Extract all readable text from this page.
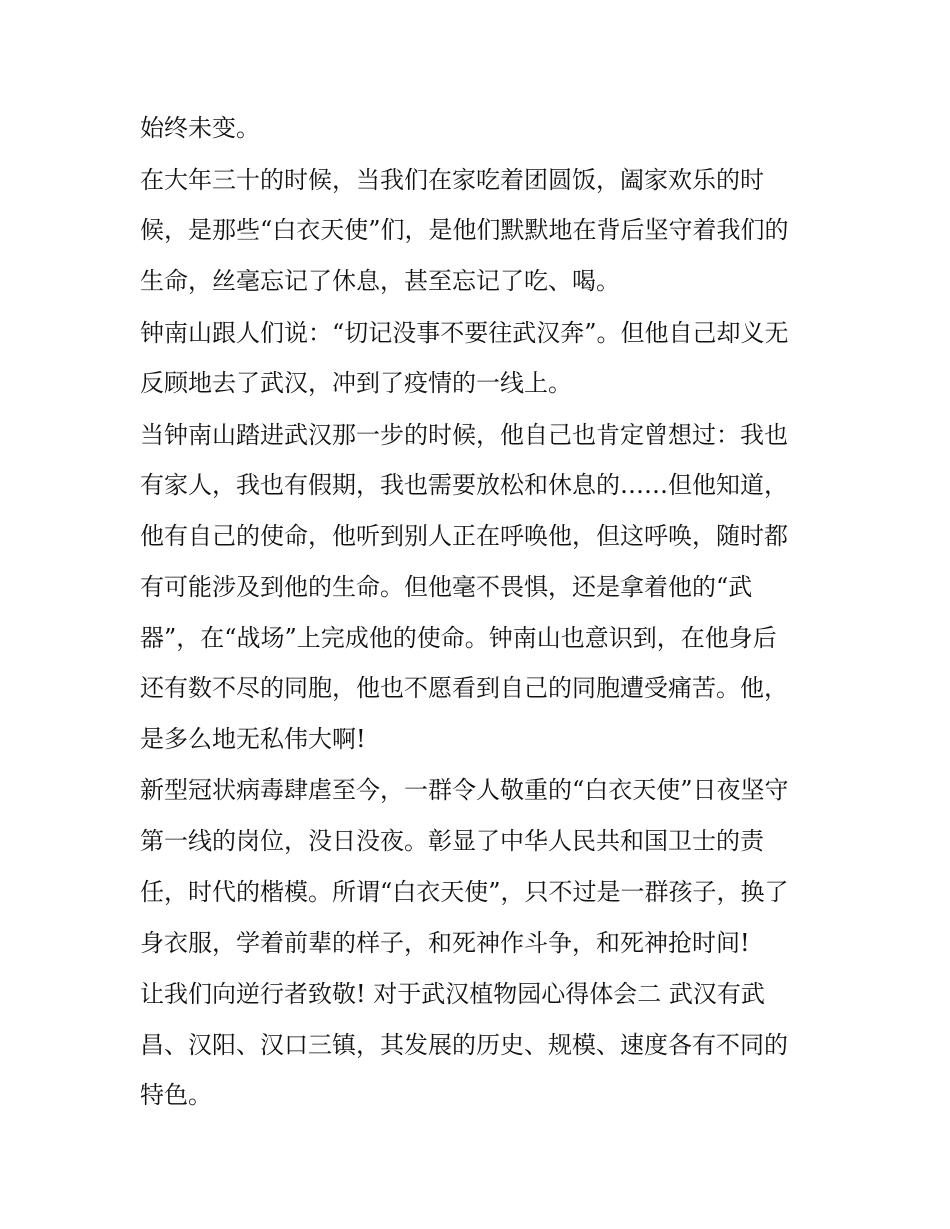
始终未变。
在大年三十的时候，当我们在家吃着团圆饭，阖家欢乐的时
候，是那些“白衣天使”们，是他们默默地在背后坚守着我们的
生命，丝毫忘记了休息，甚至忘记了吃、喝。
钟南山跟人们说：“切记没事不要往武汉奔”。但他自己却义无
反顾地去了武汉，冲到了疫情的一线上。
当钟南山踏进武汉那一步的时候，他自己也肯定曾想过：我也
有家人，我也有假期，我也需要放松和休息的……但他知道，
他有自己的使命，他听到别人正在呼唤他，但这呼唤，随时都
有可能涉及到他的生命。但他毫不畏惧，还是拿着他的“武
器”，在“战场”上完成他的使命。钟南山也意识到，在他身后
还有数不尽的同胞，他也不愿看到自己的同胞遭受痛苦。他，
是多么地无私伟大啊!
新型冠状病毒肆虐至今，一群令人敬重的“白衣天使”日夜坚守
第一线的岗位，没日没夜。彰显了中华人民共和国卫士的责
任，时代的楷模。所谓“白衣天使”，只不过是一群孩子，换了
身衣服，学着前辈的样子，和死神作斗争，和死神抢时间!
让我们向逆行者致敬! 对于武汉植物园心得体会二 武汉有武
昌、汉阳、汉口三镇，其发展的历史、规模、速度各有不同的
特色。
